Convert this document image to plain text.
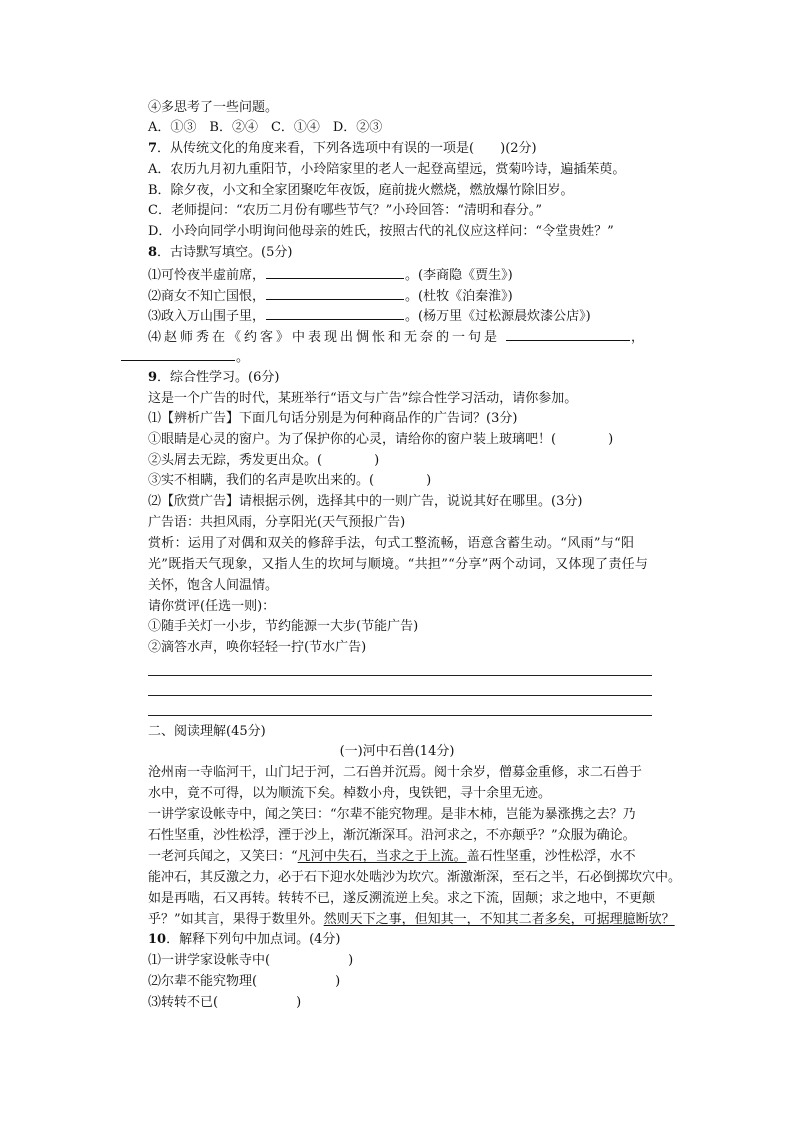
④多思考了一些问题。
A．①③　B．②④　C．①④　D．②③
7．从传统文化的角度来看，下列各选项中有误的一项是(　　)(2分)
A．农历九月初九重阳节，小玲陪家里的老人一起登高望远，赏菊吟诗，遍插茱萸。
B．除夕夜，小文和全家团聚吃年夜饭，庭前拢火燃烧，燃放爆竹除旧岁。
C．老师提问：“农历二月份有哪些节气？”小玲回答：“清明和春分。”
D．小玲向同学小明询问他母亲的姓氏，按照古代的礼仪应这样问：“令堂贵姓？”
8．古诗默写填空。(5分)
⑴可怜夜半虚前席，	。(李商隐《贾生》)
⑵商女不知亡国恨，	。(杜牧《泊秦淮》)
⑶政入万山围子里，	。(杨万里《过松源晨炊漆公店》)
⑷赵师秀在《约客》中表现出惆怅和无奈的一句是	，
。
9．综合性学习。(6分)
这是一个广告的时代，某班举行“语文与广告”综合性学习活动，请你参加。
⑴【辨析广告】下面几句话分别是为何种商品作的广告词？(3分)
①眼睛是心灵的窗户。为了保护你的心灵，请给你的窗户装上玻璃吧！(　　　　)
②头屑去无踪，秀发更出众。(　　　　)
③实不相瞒，我们的名声是吹出来的。(　　　　)
⑵【欣赏广告】请根据示例，选择其中的一则广告，说说其好在哪里。(3分)
广告语：共担风雨，分享阳光(天气预报广告)
赏析：运用了对偶和双关的修辞手法，句式工整流畅，语意含蓄生动。“风雨”与“阳
光”既指天气现象，又指人生的坎坷与顺境。“共担”“分享”两个动词，又体现了责任与
关怀，饱含人间温情。
请你赏评(任选一则)：
①随手关灯一小步，节约能源一大步(节能广告)
②滴答水声，唤你轻轻一拧(节水广告)
二、阅读理解(45分)
(一)河中石兽(14分)
沧州南一寺临河干，山门圮于河，二石兽并沉焉。阅十余岁，僧募金重修，求二石兽于
水中，竟不可得，以为顺流下矣。棹数小舟，曳铁钯，寻十余里无迹。
一讲学家设帐寺中，闻之笑曰：“尔辈不能究物理。是非木杮，岂能为暴涨携之去？乃
石性坚重，沙性松浮，湮于沙上，渐沉渐深耳。沿河求之，不亦颠乎？”众服为确论。
一老河兵闻之，又笑曰：“凡河中失石，当求之于上流。盖石性坚重，沙性松浮，水不
能冲石，其反激之力，必于石下迎水处啮沙为坎穴。渐激渐深，至石之半，石必倒掷坎穴中。
如是再啮，石又再转。转转不已，遂反溯流逆上矣。求之下流，固颠；求之地中，不更颠
乎？”如其言，果得于数里外。然则天下之事，但知其一，不知其二者多矣，可据理臆断欤？
10．解释下列句中加点词。(4分)
⑴一讲学家设帐寺中(　　　　　　)
⑵尔辈不能究物理(　　　　　　)
⑶转转不已(　　　　　　)
